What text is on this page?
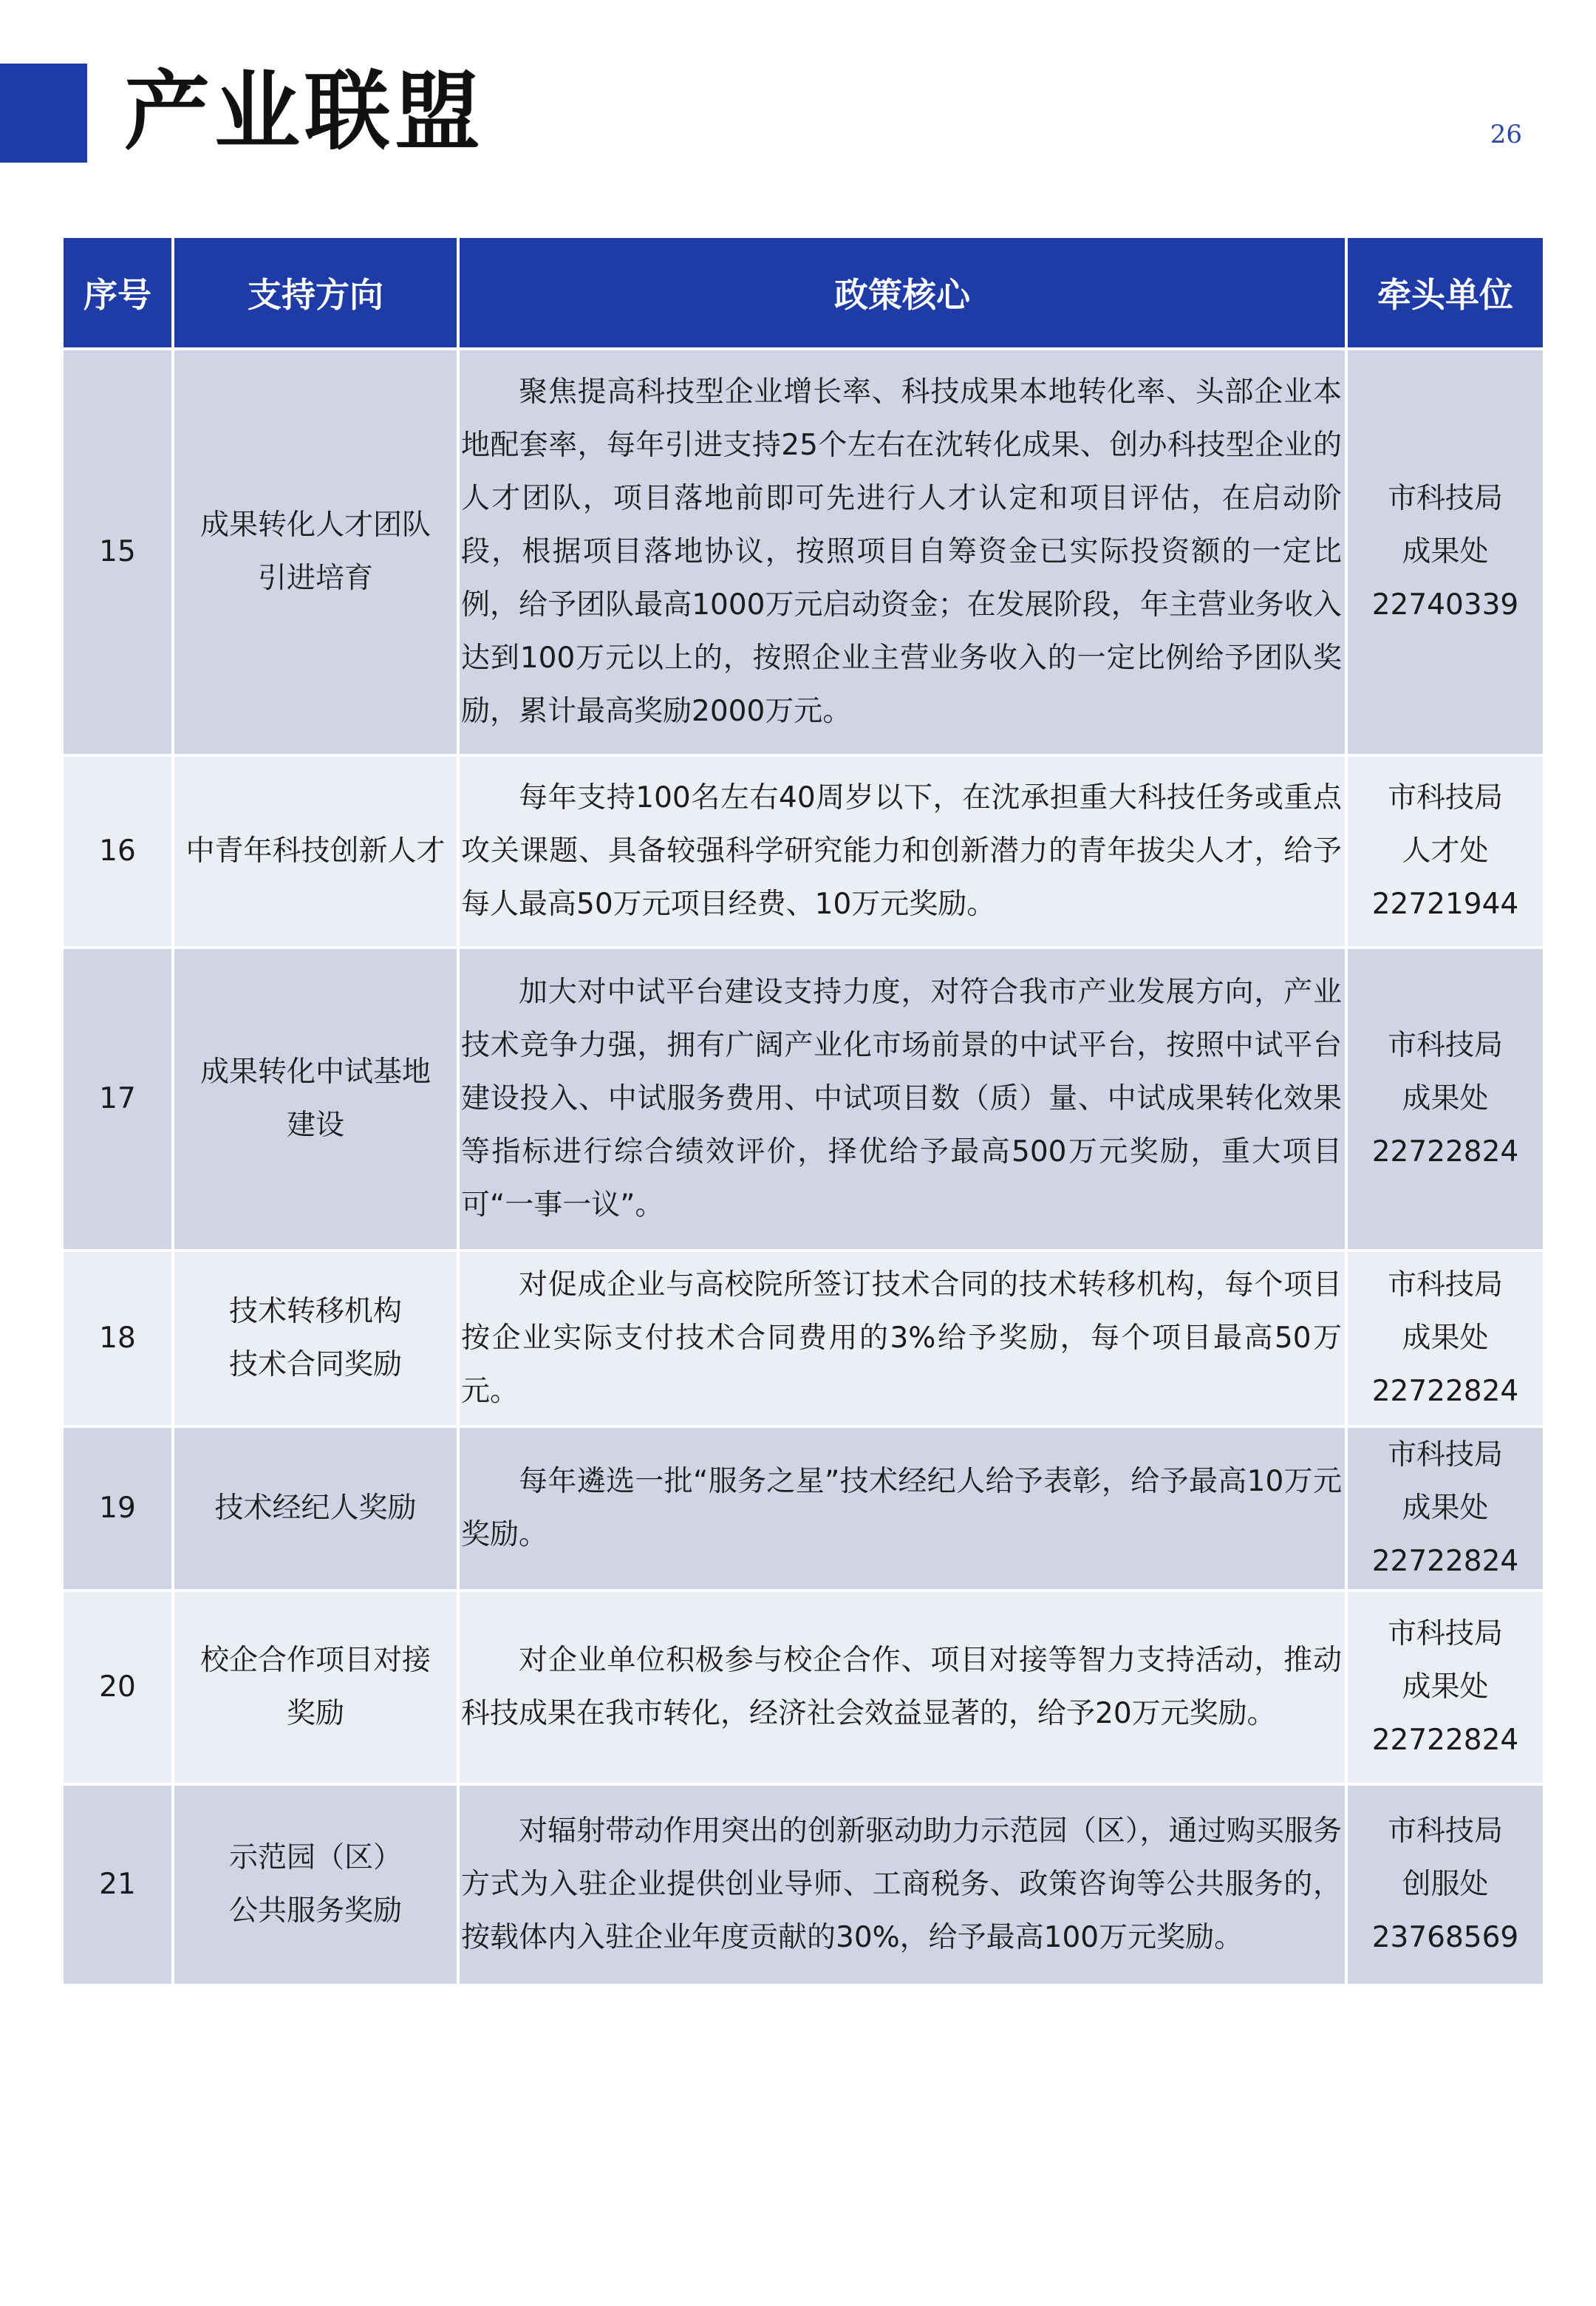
产业联盟	26
序号	支持方向	政策核心	牵头单位
15	成果转化人才团队
引进培育	聚焦提高科技型企业增长率、科技成果本地转化率、头部企业本地配套率，每年引进支持25个左右在沈转化成果、创办科技型企业的人才团队，项目落地前即可先进行人才认定和项目评估，在启动阶段，根据项目落地协议，按照项目自筹资金已实际投资额的一定比例，给予团队最高1000万元启动资金；在发展阶段，年主营业务收入达到100万元以上的，按照企业主营业务收入的一定比例给予团队奖励，累计最高奖励2000万元。	市科技局
成果处
22740339

16	中青年科技创新人才	每年支持100名左右40周岁以下，在沈承担重大科技任务或重点攻关课题、具备较强科学研究能力和创新潜力的青年拔尖人才，给予每人最高50万元项目经费、10万元奖励。	市科技局
人才处
22721944

17	成果转化中试基地
建设	加大对中试平台建设支持力度，对符合我市产业发展方向，产业技术竞争力强，拥有广阔产业化市场前景的中试平台，按照中试平台建设投入、中试服务费用、中试项目数（质）量、中试成果转化效果等指标进行综合绩效评价，择优给予最高500万元奖励，重大项目可“一事一议”。	市科技局
成果处
22722824

18	技术转移机构
技术合同奖励	对促成企业与高校院所签订技术合同的技术转移机构，每个项目按企业实际支付技术合同费用的3%给予奖励，每个项目最高50万元。	市科技局
成果处
22722824

19	技术经纪人奖励	每年遴选一批“服务之星”技术经纪人给予表彰，给予最高10万元奖励。	市科技局
成果处
22722824

20	校企合作项目对接
奖励	对企业单位积极参与校企合作、项目对接等智力支持活动，推动科技成果在我市转化，经济社会效益显著的，给予20万元奖励。	市科技局
成果处
22722824

21	示范园（区）
公共服务奖励	对辐射带动作用突出的创新驱动助力示范园（区），通过购买服务方式为入驻企业提供创业导师、工商税务、政策咨询等公共服务的，按载体内入驻企业年度贡献的30%，给予最高100万元奖励。	市科技局
创服处
23768569
